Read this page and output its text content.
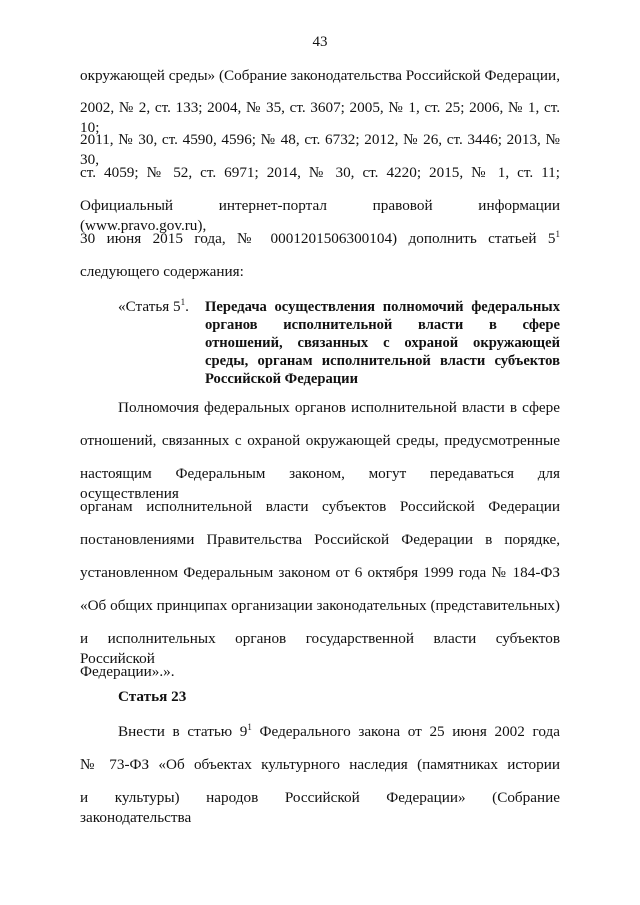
43
окружающей среды» (Собрание законодательства Российской Федерации,
2002, № 2, ст. 133; 2004, № 35, ст. 3607; 2005, № 1, ст. 25; 2006, № 1, ст. 10;
2011, № 30, ст. 4590, 4596; № 48, ст. 6732; 2012, № 26, ст. 3446; 2013, № 30,
ст. 4059; № 52, ст. 6971; 2014, № 30, ст. 4220; 2015, № 1, ст. 11;
Официальный интернет-портал правовой информации (www.pravo.gov.ru),
30 июня 2015 года, № 0001201506300104) дополнить статьей $5^1$
следующего содержания:
«Статья $5^1$. Передача осуществления полномочий федеральных
органов исполнительной власти в сфере
отношений, связанных с охраной окружающей
среды, органам исполнительной власти субъектов
Российской Федерации
Полномочия федеральных органов исполнительной власти в сфере
отношений, связанных с охраной окружающей среды, предусмотренные
настоящим Федеральным законом, могут передаваться для осуществления
органам исполнительной власти субъектов Российской Федерации
постановлениями Правительства Российской Федерации в порядке,
установленном Федеральным законом от 6 октября 1999 года № 184-ФЗ
«Об общих принципах организации законодательных (представительных)
и исполнительных органов государственной власти субъектов Российской
Федерации».».
Статья 23
Внести в статью $9^1$ Федерального закона от 25 июня 2002 года
№ 73-ФЗ «Об объектах культурного наследия (памятниках истории
и культуры) народов Российской Федерации» (Собрание законодательства
